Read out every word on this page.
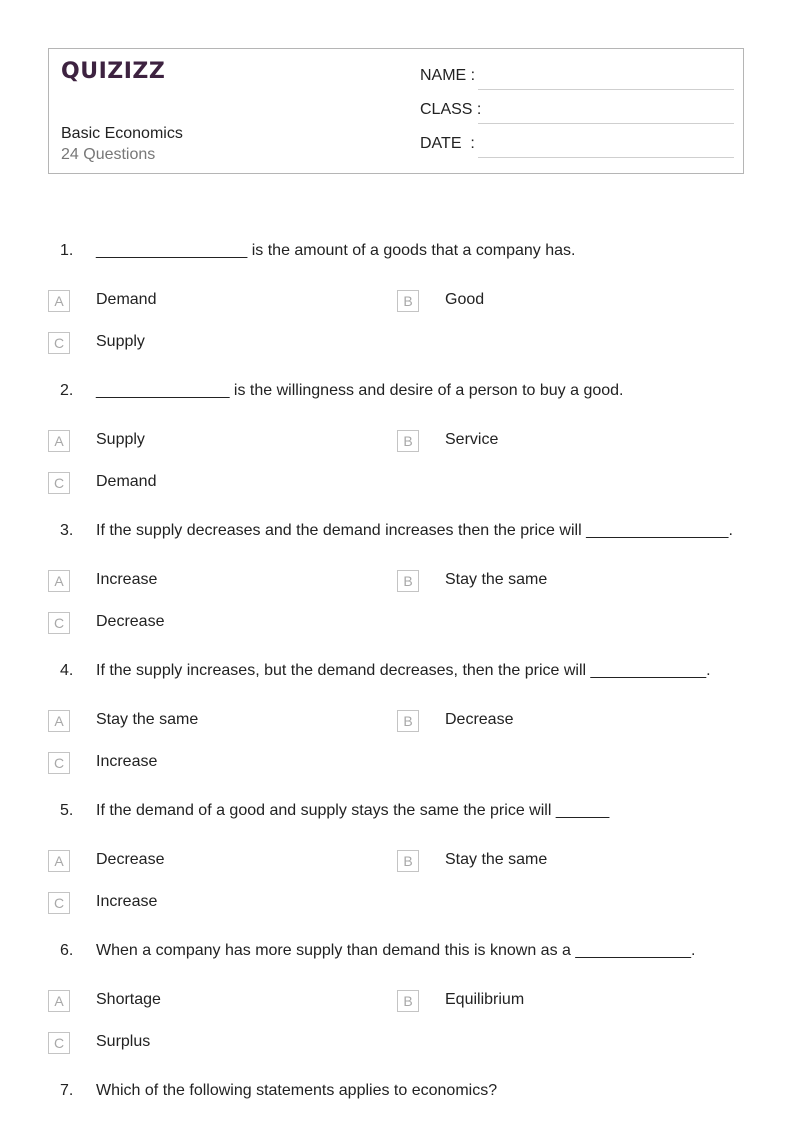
QUIZIZZ
Basic Economics
24 Questions
NAME :
CLASS :
DATE  :
1. _________________ is the amount of a goods that a company has.
A	Demand	B	Good
C	Supply
2. _______________ is the willingness and desire of a person to buy a good.
A	Supply	B	Service
C	Demand
3. If the supply decreases and the demand increases then the price will ________________.
A	Increase	B	Stay the same
C	Decrease
4. If the supply increases, but the demand decreases, then the price will _____________.
A	Stay the same	B	Decrease
C	Increase
5. If the demand of a good and supply stays the same the price will ______
A	Decrease	B	Stay the same
C	Increase
6. When a company has more supply than demand this is known as a _____________.
A	Shortage	B	Equilibrium
C	Surplus
7. Which of the following statements applies to economics?
